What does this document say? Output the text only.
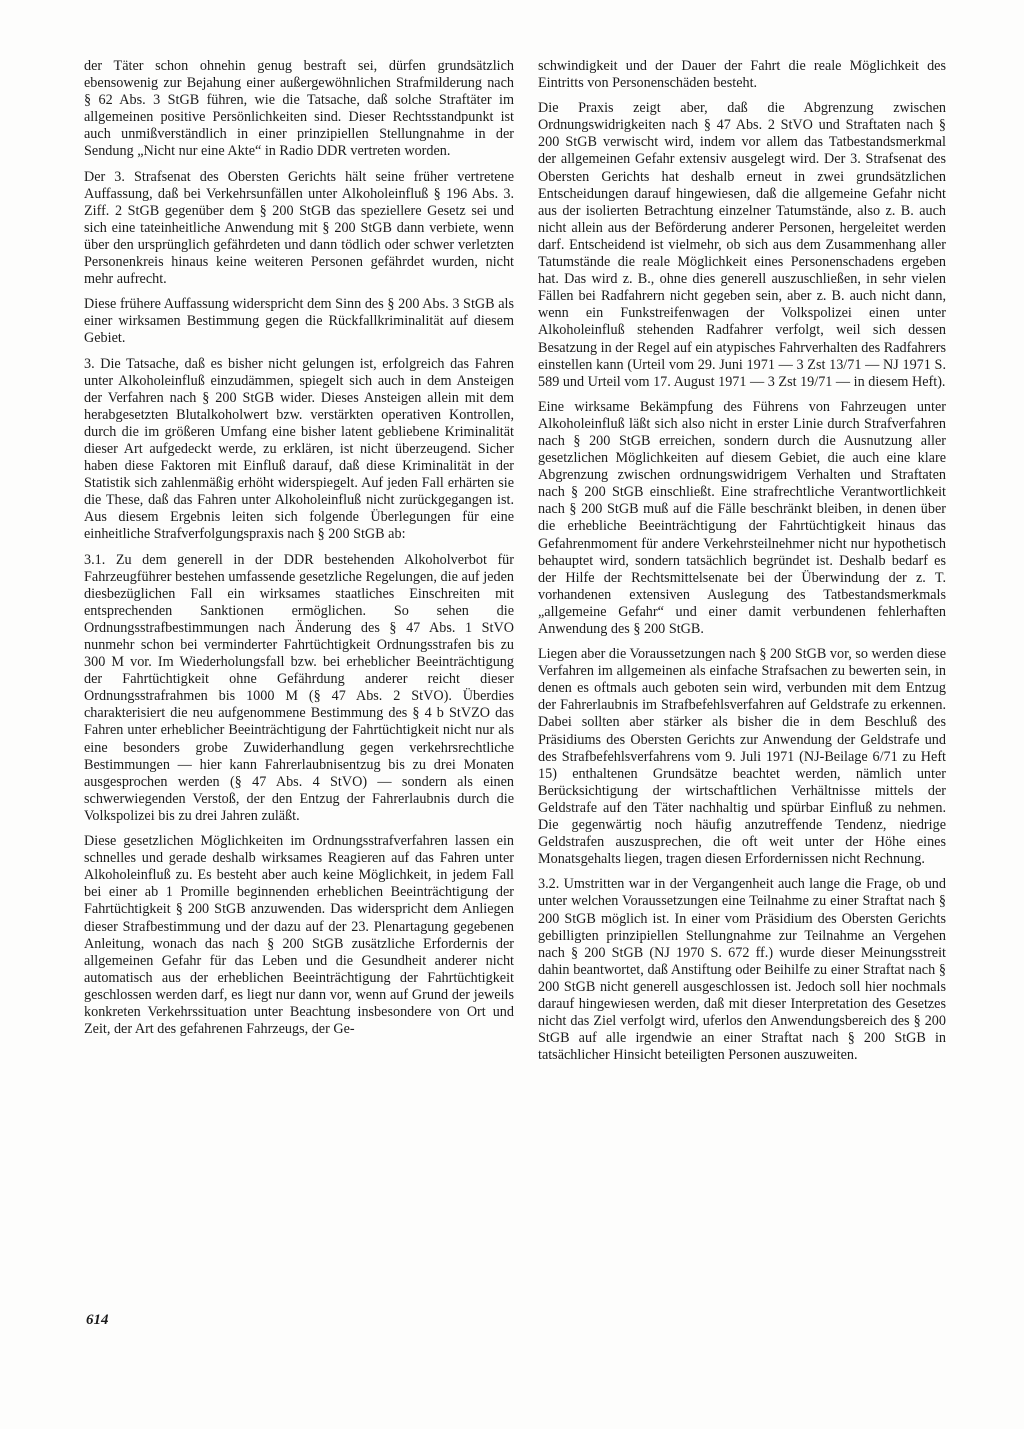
der Täter schon ohnehin genug bestraft sei, dürfen grundsätzlich ebensowenig zur Bejahung einer außergewöhnlichen Strafmilderung nach § 62 Abs. 3 StGB führen, wie die Tatsache, daß solche Straftäter im allgemeinen positive Persönlichkeiten sind. Dieser Rechtsstandpunkt ist auch unmißverständlich in einer prinzipiellen Stellungnahme in der Sendung „Nicht nur eine Akte“ in Radio DDR vertreten worden.

Der 3. Strafsenat des Obersten Gerichts hält seine früher vertretene Auffassung, daß bei Verkehrsunfällen unter Alkoholeinfluß § 196 Abs. 3. Ziff. 2 StGB gegenüber dem § 200 StGB das speziellere Gesetz sei und sich eine tateinheitliche Anwendung mit § 200 StGB dann verbiete, wenn über den ursprünglich gefährdeten und dann tödlich oder schwer verletzten Personenkreis hinaus keine weiteren Personen gefährdet wurden, nicht mehr aufrecht.

Diese frühere Auffassung widerspricht dem Sinn des § 200 Abs. 3 StGB als einer wirksamen Bestimmung gegen die Rückfallkriminalität auf diesem Gebiet.

3. Die Tatsache, daß es bisher nicht gelungen ist, erfolgreich das Fahren unter Alkoholeinfluß einzudämmen, spiegelt sich auch in dem Ansteigen der Verfahren nach § 200 StGB wider. Dieses Ansteigen allein mit dem herabgesetzten Blutalkoholwert bzw. verstärkten operativen Kontrollen, durch die im größeren Umfang eine bisher latent gebliebene Kriminalität dieser Art aufgedeckt werde, zu erklären, ist nicht überzeugend. Sicher haben diese Faktoren mit Einfluß darauf, daß diese Kriminalität in der Statistik sich zahlenmäßig erhöht widerspiegelt. Auf jeden Fall erhärten sie die These, daß das Fahren unter Alkoholeinfluß nicht zurückgegangen ist. Aus diesem Ergebnis leiten sich folgende Überlegungen für eine einheitliche Strafverfolgungspraxis nach § 200 StGB ab:

3.1. Zu dem generell in der DDR bestehenden Alkoholverbot für Fahrzeugführer bestehen umfassende gesetzliche Regelungen, die auf jeden diesbezüglichen Fall ein wirksames staatliches Einschreiten mit entsprechenden Sanktionen ermöglichen. So sehen die Ordnungsstrafbestimmungen nach Änderung des § 47 Abs. 1 StVO nunmehr schon bei verminderter Fahrtüchtigkeit Ordnungsstrafen bis zu 300 M vor. Im Wiederholungsfall bzw. bei erheblicher Beeinträchtigung der Fahrtüchtigkeit ohne Gefährdung anderer reicht dieser Ordnungsstrafrahmen bis 1000 M (§ 47 Abs. 2 StVO). Überdies charakterisiert die neu aufgenommene Bestimmung des § 4 b StVZO das Fahren unter erheblicher Beeinträchtigung der Fahrtüchtigkeit nicht nur als eine besonders grobe Zuwiderhandlung gegen verkehrsrechtliche Bestimmungen — hier kann Fahrerlaubnisentzug bis zu drei Monaten ausgesprochen werden (§ 47 Abs. 4 StVO) — sondern als einen schwerwiegenden Verstoß, der den Entzug der Fahrerlaubnis durch die Volkspolizei bis zu drei Jahren zuläßt.

Diese gesetzlichen Möglichkeiten im Ordnungsstrafverfahren lassen ein schnelles und gerade deshalb wirksames Reagieren auf das Fahren unter Alkoholeinfluß zu. Es besteht aber auch keine Möglichkeit, in jedem Fall bei einer ab 1 Promille beginnenden erheblichen Beeinträchtigung der Fahrtüchtigkeit § 200 StGB anzuwenden. Das widerspricht dem Anliegen dieser Strafbestimmung und der dazu auf der 23. Plenartagung gegebenen Anleitung, wonach das nach § 200 StGB zusätzliche Erfordernis der allgemeinen Gefahr für das Leben und die Gesundheit anderer nicht automatisch aus der erheblichen Beeinträchtigung der Fahrtüchtigkeit geschlossen werden darf, es liegt nur dann vor, wenn auf Grund der jeweils konkreten Verkehrssituation unter Beachtung insbesondere von Ort und Zeit, der Art des gefahrenen Fahrzeugs, der Ge-

schwindigkeit und der Dauer der Fahrt die reale Möglichkeit des Eintritts von Personenschäden besteht.

Die Praxis zeigt aber, daß die Abgrenzung zwischen Ordnungswidrigkeiten nach § 47 Abs. 2 StVO und Straftaten nach § 200 StGB verwischt wird, indem vor allem das Tatbestandsmerkmal der allgemeinen Gefahr extensiv ausgelegt wird. Der 3. Strafsenat des Obersten Gerichts hat deshalb erneut in zwei grundsätzlichen Entscheidungen darauf hingewiesen, daß die allgemeine Gefahr nicht aus der isolierten Betrachtung einzelner Tatumstände, also z. B. auch nicht allein aus der Beförderung anderer Personen, hergeleitet werden darf. Entscheidend ist vielmehr, ob sich aus dem Zusammenhang aller Tatumstände die reale Möglichkeit eines Personenschadens ergeben hat. Das wird z. B., ohne dies generell auszuschließen, in sehr vielen Fällen bei Radfahrern nicht gegeben sein, aber z. B. auch nicht dann, wenn ein Funkstreifenwagen der Volkspolizei einen unter Alkoholeinfluß stehenden Radfahrer verfolgt, weil sich dessen Besatzung in der Regel auf ein atypisches Fahrverhalten des Radfahrers einstellen kann (Urteil vom 29. Juni 1971 — 3 Zst 13/71 — NJ 1971 S. 589 und Urteil vom 17. August 1971 — 3 Zst 19/71 — in diesem Heft).

Eine wirksame Bekämpfung des Führens von Fahrzeugen unter Alkoholeinfluß läßt sich also nicht in erster Linie durch Strafverfahren nach § 200 StGB erreichen, sondern durch die Ausnutzung aller gesetzlichen Möglichkeiten auf diesem Gebiet, die auch eine klare Abgrenzung zwischen ordnungswidrigem Verhalten und Straftaten nach § 200 StGB einschließt. Eine strafrechtliche Verantwortlichkeit nach § 200 StGB muß auf die Fälle beschränkt bleiben, in denen über die erhebliche Beeinträchtigung der Fahrtüchtigkeit hinaus das Gefahrenmoment für andere Verkehrsteilnehmer nicht nur hypothetisch behauptet wird, sondern tatsächlich begründet ist. Deshalb bedarf es der Hilfe der Rechtsmittelsenate bei der Überwindung der z. T. vorhandenen extensiven Auslegung des Tatbestandsmerkmals „allgemeine Gefahr“ und einer damit verbundenen fehlerhaften Anwendung des § 200 StGB.

Liegen aber die Voraussetzungen nach § 200 StGB vor, so werden diese Verfahren im allgemeinen als einfache Strafsachen zu bewerten sein, in denen es oftmals auch geboten sein wird, verbunden mit dem Entzug der Fahrerlaubnis im Strafbefehlsverfahren auf Geldstrafe zu erkennen. Dabei sollten aber stärker als bisher die in dem Beschluß des Präsidiums des Obersten Gerichts zur Anwendung der Geldstrafe und des Strafbefehlsverfahrens vom 9. Juli 1971 (NJ-Beilage 6/71 zu Heft 15) enthaltenen Grundsätze beachtet werden, nämlich unter Berücksichtigung der wirtschaftlichen Verhältnisse mittels der Geldstrafe auf den Täter nachhaltig und spürbar Einfluß zu nehmen. Die gegenwärtig noch häufig anzutreffende Tendenz, niedrige Geldstrafen auszusprechen, die oft weit unter der Höhe eines Monatsgehalts liegen, tragen diesen Erfordernissen nicht Rechnung.

3.2. Umstritten war in der Vergangenheit auch lange die Frage, ob und unter welchen Voraussetzungen eine Teilnahme zu einer Straftat nach § 200 StGB möglich ist. In einer vom Präsidium des Obersten Gerichts gebilligten prinzipiellen Stellungnahme zur Teilnahme an Vergehen nach § 200 StGB (NJ 1970 S. 672 ff.) wurde dieser Meinungsstreit dahin beantwortet, daß Anstiftung oder Beihilfe zu einer Straftat nach § 200 StGB nicht generell ausgeschlossen ist. Jedoch soll hier nochmals darauf hingewiesen werden, daß mit dieser Interpretation des Gesetzes nicht das Ziel verfolgt wird, uferlos den Anwendungsbereich des § 200 StGB auf alle irgendwie an einer Straftat nach § 200 StGB in tatsächlicher Hinsicht beteiligten Personen auszuweiten.

614
